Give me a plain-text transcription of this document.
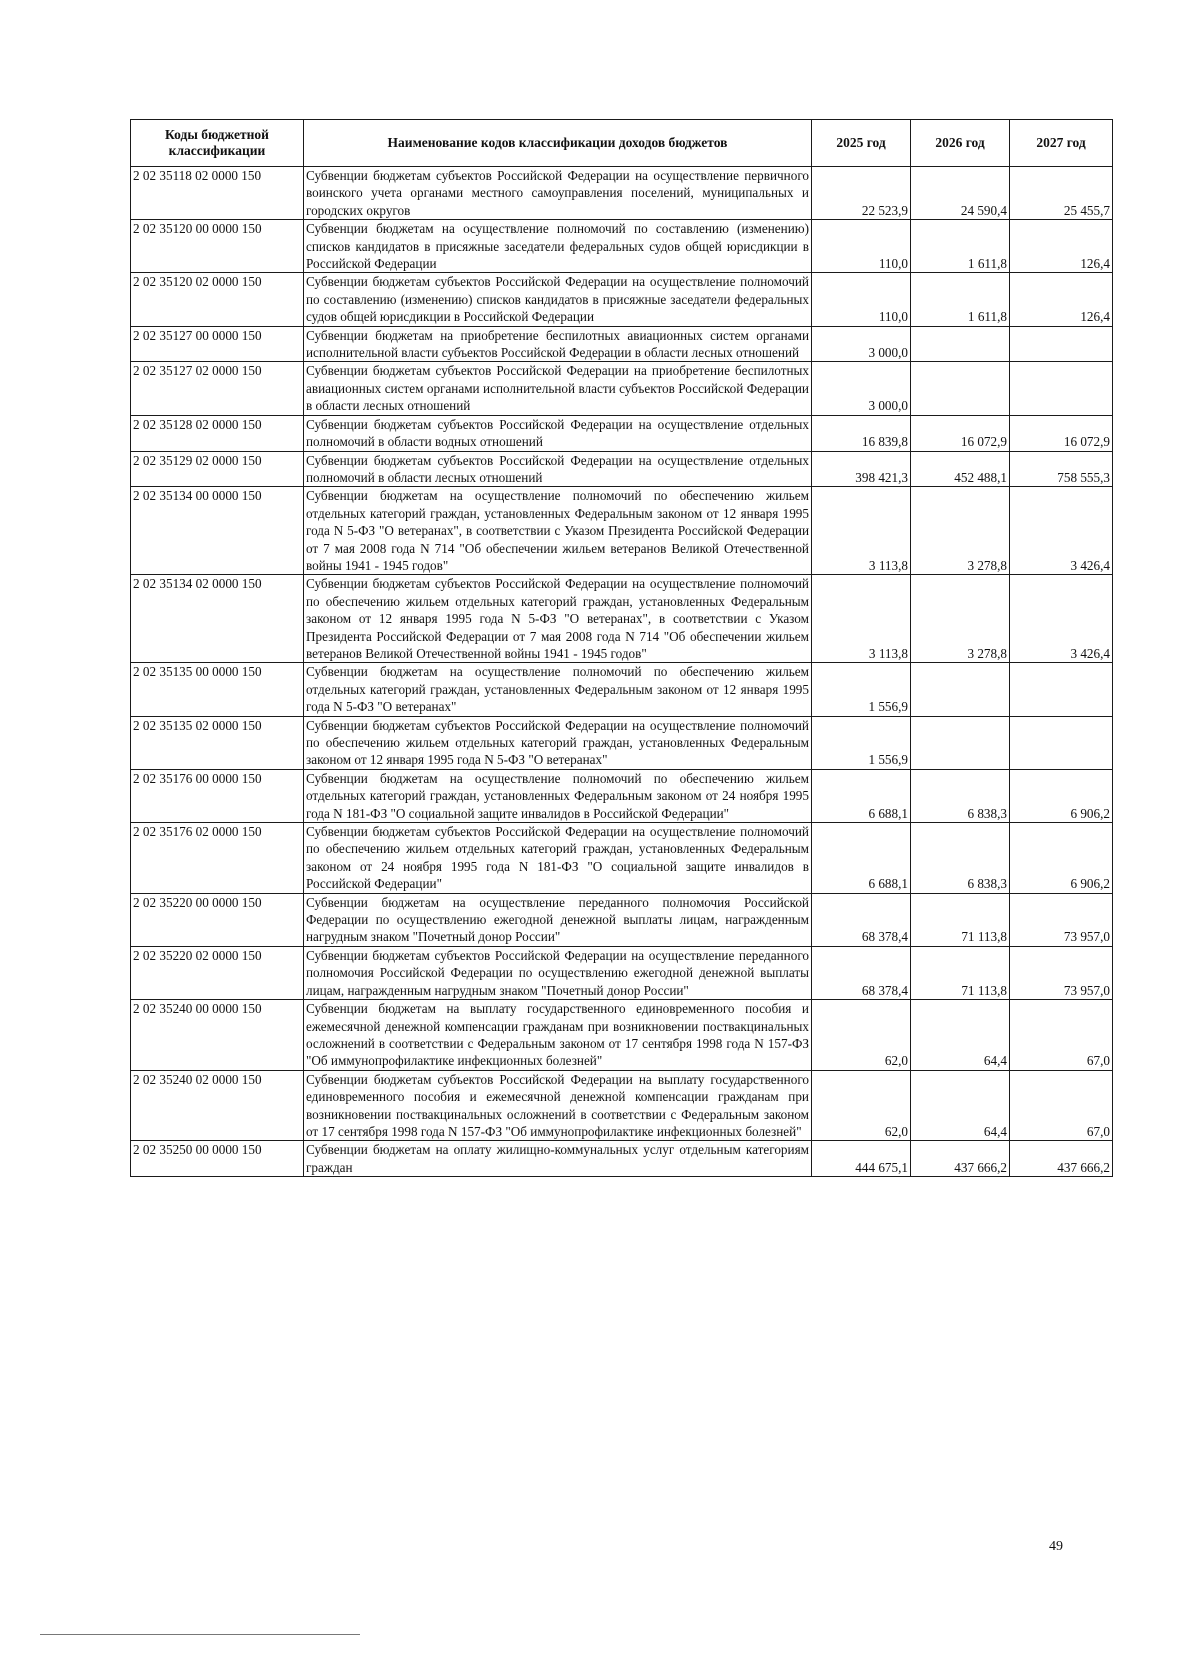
Коды бюджетной классификации	Наименование кодов классификации доходов бюджетов	2025 год	2026 год	2027 год
2 02 35118 02 0000 150	Субвенции бюджетам субъектов Российской Федерации на осуществление первичного воинского учета органами местного самоуправления поселений, муниципальных и городских округов	22 523,9	24 590,4	25 455,7
2 02 35120 00 0000 150	Субвенции бюджетам на осуществление полномочий по составлению (изменению) списков кандидатов в присяжные заседатели федеральных судов общей юрисдикции в Российской Федерации	110,0	1 611,8	126,4
2 02 35120 02 0000 150	Субвенции бюджетам субъектов Российской Федерации на осуществление полномочий по составлению (изменению) списков кандидатов в присяжные заседатели федеральных судов общей юрисдикции в Российской Федерации	110,0	1 611,8	126,4
2 02 35127 00 0000 150	Субвенции бюджетам на приобретение беспилотных авиационных систем органами исполнительной власти субъектов Российской Федерации в области лесных отношений	3 000,0		
2 02 35127 02 0000 150	Субвенции бюджетам субъектов Российской Федерации на приобретение беспилотных авиационных систем органами исполнительной власти субъектов Российской Федерации в области лесных отношений	3 000,0		
2 02 35128 02 0000 150	Субвенции бюджетам субъектов Российской Федерации на осуществление отдельных полномочий в области водных отношений	16 839,8	16 072,9	16 072,9
2 02 35129 02 0000 150	Субвенции бюджетам субъектов Российской Федерации на осуществление отдельных полномочий в области лесных отношений	398 421,3	452 488,1	758 555,3
2 02 35134 00 0000 150	Субвенции бюджетам на осуществление полномочий по обеспечению жильем отдельных категорий граждан, установленных Федеральным законом от 12 января 1995 года N 5-ФЗ "О ветеранах", в соответствии с Указом Президента Российской Федерации от 7 мая 2008 года N 714 "Об обеспечении жильем ветеранов Великой Отечественной войны 1941 - 1945 годов"	3 113,8	3 278,8	3 426,4
2 02 35134 02 0000 150	Субвенции бюджетам субъектов Российской Федерации на осуществление полномочий по обеспечению жильем отдельных категорий граждан, установленных Федеральным законом от 12 января 1995 года N 5-ФЗ "О ветеранах", в соответствии с Указом Президента Российской Федерации от 7 мая 2008 года N 714 "Об обеспечении жильем ветеранов Великой Отечественной войны 1941 - 1945 годов"	3 113,8	3 278,8	3 426,4
2 02 35135 00 0000 150	Субвенции бюджетам на осуществление полномочий по обеспечению жильем отдельных категорий граждан, установленных Федеральным законом от 12 января 1995 года N 5-ФЗ "О ветеранах"	1 556,9		
2 02 35135 02 0000 150	Субвенции бюджетам субъектов Российской Федерации на осуществление полномочий по обеспечению жильем отдельных категорий граждан, установленных Федеральным законом от 12 января 1995 года N 5-ФЗ "О ветеранах"	1 556,9		
2 02 35176 00 0000 150	Субвенции бюджетам на осуществление полномочий по обеспечению жильем отдельных категорий граждан, установленных Федеральным законом от 24 ноября 1995 года N 181-ФЗ "О социальной защите инвалидов в Российской Федерации"	6 688,1	6 838,3	6 906,2
2 02 35176 02 0000 150	Субвенции бюджетам субъектов Российской Федерации на осуществление полномочий по обеспечению жильем отдельных категорий граждан, установленных Федеральным законом от 24 ноября 1995 года N 181-ФЗ "О социальной защите инвалидов в Российской Федерации"	6 688,1	6 838,3	6 906,2
2 02 35220 00 0000 150	Субвенции бюджетам на осуществление переданного полномочия Российской Федерации по осуществлению ежегодной денежной выплаты лицам, награжденным нагрудным знаком "Почетный донор России"	68 378,4	71 113,8	73 957,0
2 02 35220 02 0000 150	Субвенции бюджетам субъектов Российской Федерации на осуществление переданного полномочия Российской Федерации по осуществлению ежегодной денежной выплаты лицам, награжденным нагрудным знаком "Почетный донор России"	68 378,4	71 113,8	73 957,0
2 02 35240 00 0000 150	Субвенции бюджетам на выплату государственного единовременного пособия и ежемесячной денежной компенсации гражданам при возникновении поствакцинальных осложнений в соответствии с Федеральным законом от 17 сентября 1998 года N 157-ФЗ "Об иммунопрофилактике инфекционных болезней"	62,0	64,4	67,0
2 02 35240 02 0000 150	Субвенции бюджетам субъектов Российской Федерации на выплату государственного единовременного пособия и ежемесячной денежной компенсации гражданам при возникновении поствакцинальных осложнений в соответствии с Федеральным законом от 17 сентября 1998 года N 157-ФЗ "Об иммунопрофилактике инфекционных болезней"	62,0	64,4	67,0
2 02 35250 00 0000 150	Субвенции бюджетам на оплату жилищно-коммунальных услуг отдельным категориям граждан	444 675,1	437 666,2	437 666,2
49
